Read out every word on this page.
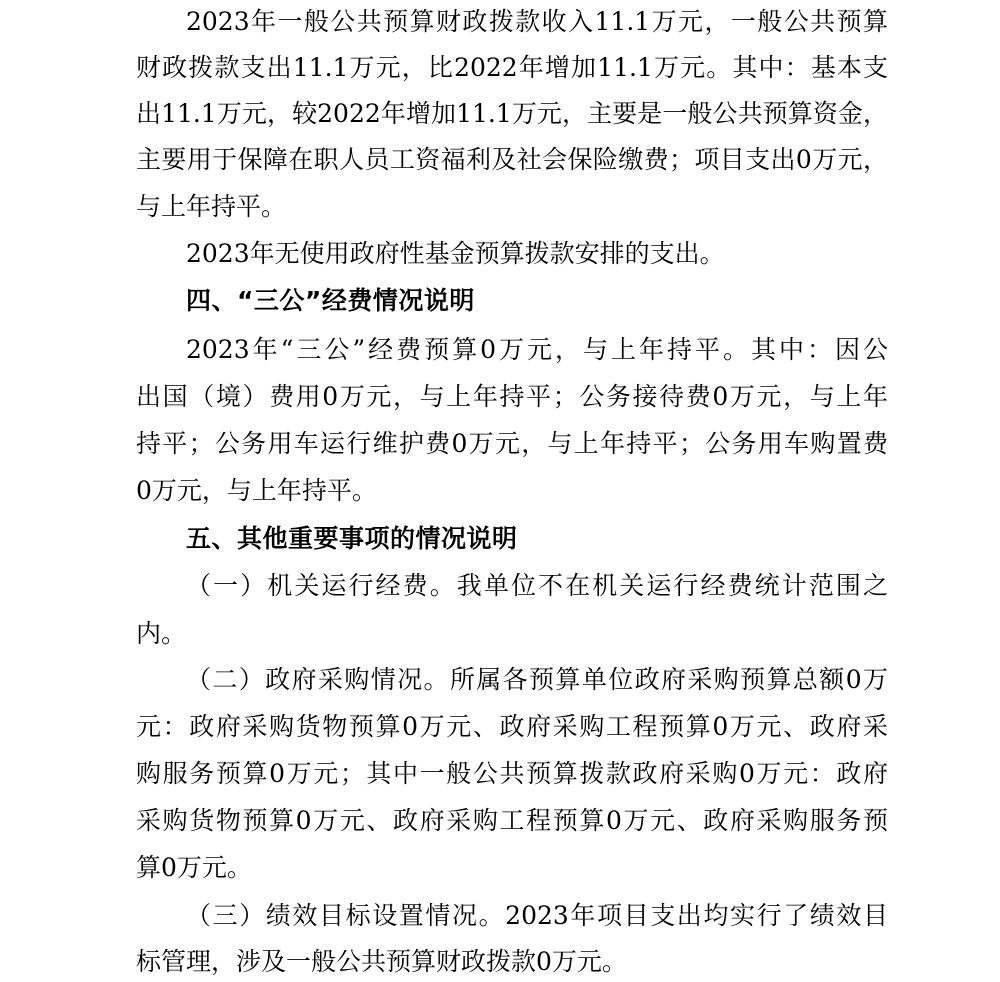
2023年一般公共预算财政拨款收入11.1万元，一般公共预算
财政拨款支出11.1万元，比2022年增加11.1万元。其中：基本支
出11.1万元，较2022年增加11.1万元，主要是一般公共预算资金，
主要用于保障在职人员工资福利及社会保险缴费；项目支出0万元，
与上年持平。
2023年无使用政府性基金预算拨款安排的支出。
四、“三公”经费情况说明
2023年“三公”经费预算0万元，与上年持平。其中：因公
出国（境）费用0万元，与上年持平；公务接待费0万元，与上年
持平；公务用车运行维护费0万元，与上年持平；公务用车购置费
0万元，与上年持平。
五、其他重要事项的情况说明
（一）机关运行经费。我单位不在机关运行经费统计范围之
内。
（二）政府采购情况。所属各预算单位政府采购预算总额0万
元：政府采购货物预算0万元、政府采购工程预算0万元、政府采
购服务预算0万元；其中一般公共预算拨款政府采购0万元：政府
采购货物预算0万元、政府采购工程预算0万元、政府采购服务预
算0万元。
（三）绩效目标设置情况。2023年项目支出均实行了绩效目
标管理，涉及一般公共预算财政拨款0万元。
